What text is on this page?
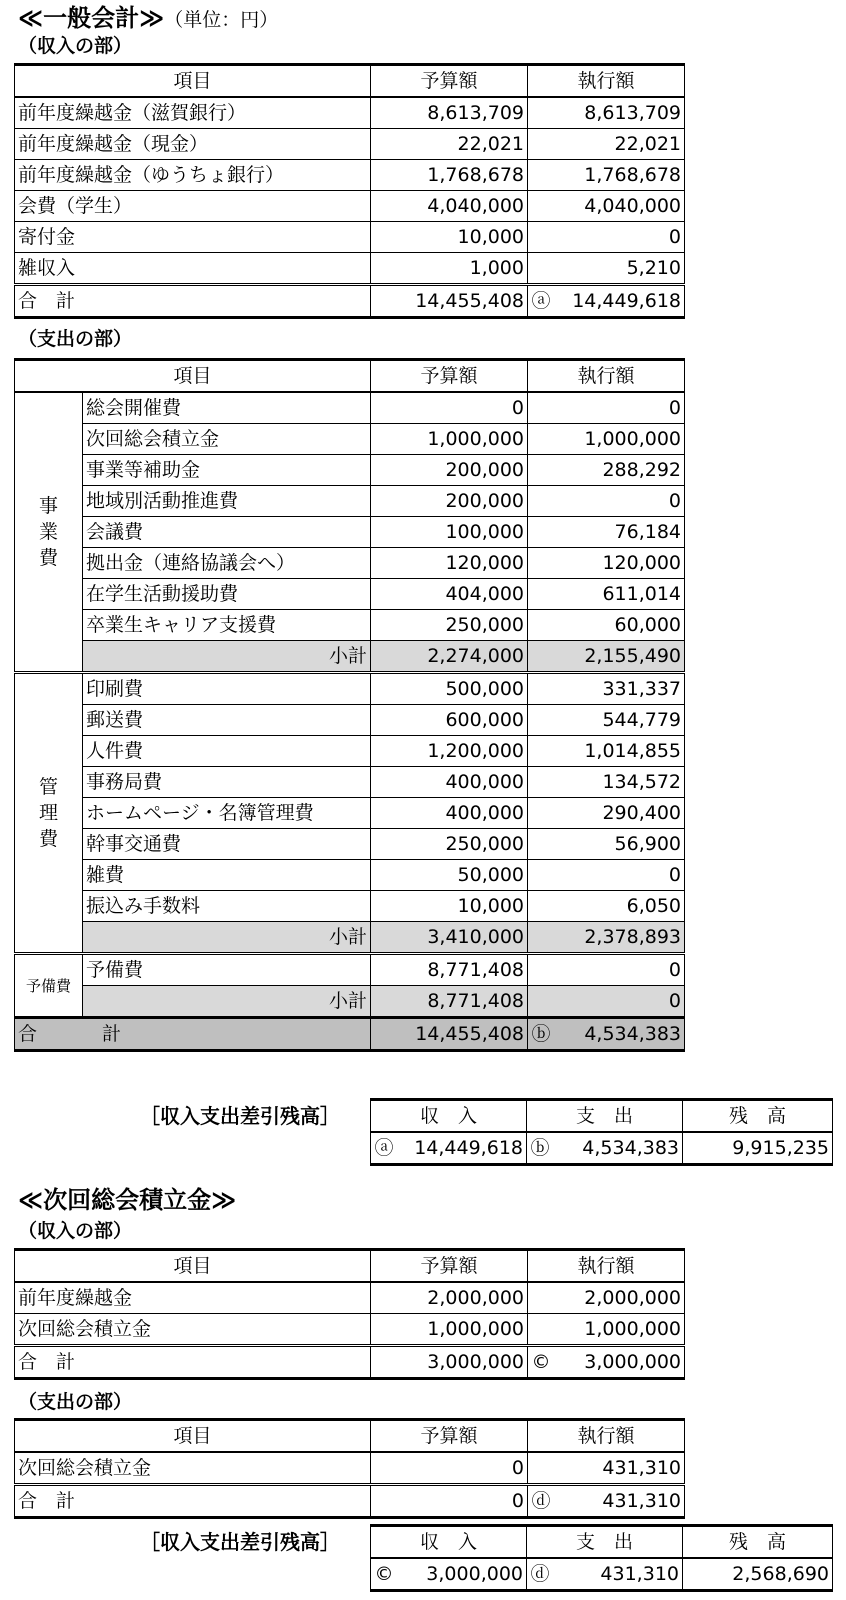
≪一般会計≫（単位：円）
（収入の部）
項目	予算額	執行額
前年度繰越金（滋賀銀行）	8,613,709	8,613,709
前年度繰越金（現金）	22,021	22,021
前年度繰越金（ゆうちょ銀行）	1,768,678	1,768,678
会費（学生）	4,040,000	4,040,000
寄付金	10,000	0
雑収入	1,000	5,210
合　計	14,455,408	ⓐ 14,449,618
（支出の部）
項目		予算額	執行額
事業費	総会開催費	0	0
	次回総会積立金	1,000,000	1,000,000
	事業等補助金	200,000	288,292
	地域別活動推進費	200,000	0
	会議費	100,000	76,184
	拠出金（連絡協議会へ）	120,000	120,000
	在学生活動援助費	404,000	611,014
	卒業生キャリア支援費	250,000	60,000
	小計	2,274,000	2,155,490
管理費	印刷費	500,000	331,337
	郵送費	600,000	544,779
	人件費	1,200,000	1,014,855
	事務局費	400,000	134,572
	ホームページ・名簿管理費	400,000	290,400
	幹事交通費	250,000	56,900
	雑費	50,000	0
	振込み手数料	10,000	6,050
	小計	3,410,000	2,378,893
予備費	予備費	8,771,408	0
	小計	8,771,408	0

合 計		14,455,408	ⓑ 4,534,383
［収入支出差引残高］	収　入	支　出	残　高

ⓐ 14,449,618	ⓑ 4,534,383	9,915,235
≪次回総会積立金≫
（収入の部）
項目	予算額	執行額
前年度繰越金	2,000,000	2,000,000
次回総会積立金	1,000,000	1,000,000
合　計	3,000,000	© 3,000,000
（支出の部）
項目	予算額	執行額
次回総会積立金	0	431,310
合　計	0	ⓓ 431,310
［収入支出差引残高］	収　入	支　出	残　高

© 3,000,000	ⓓ 431,310	2,568,690
